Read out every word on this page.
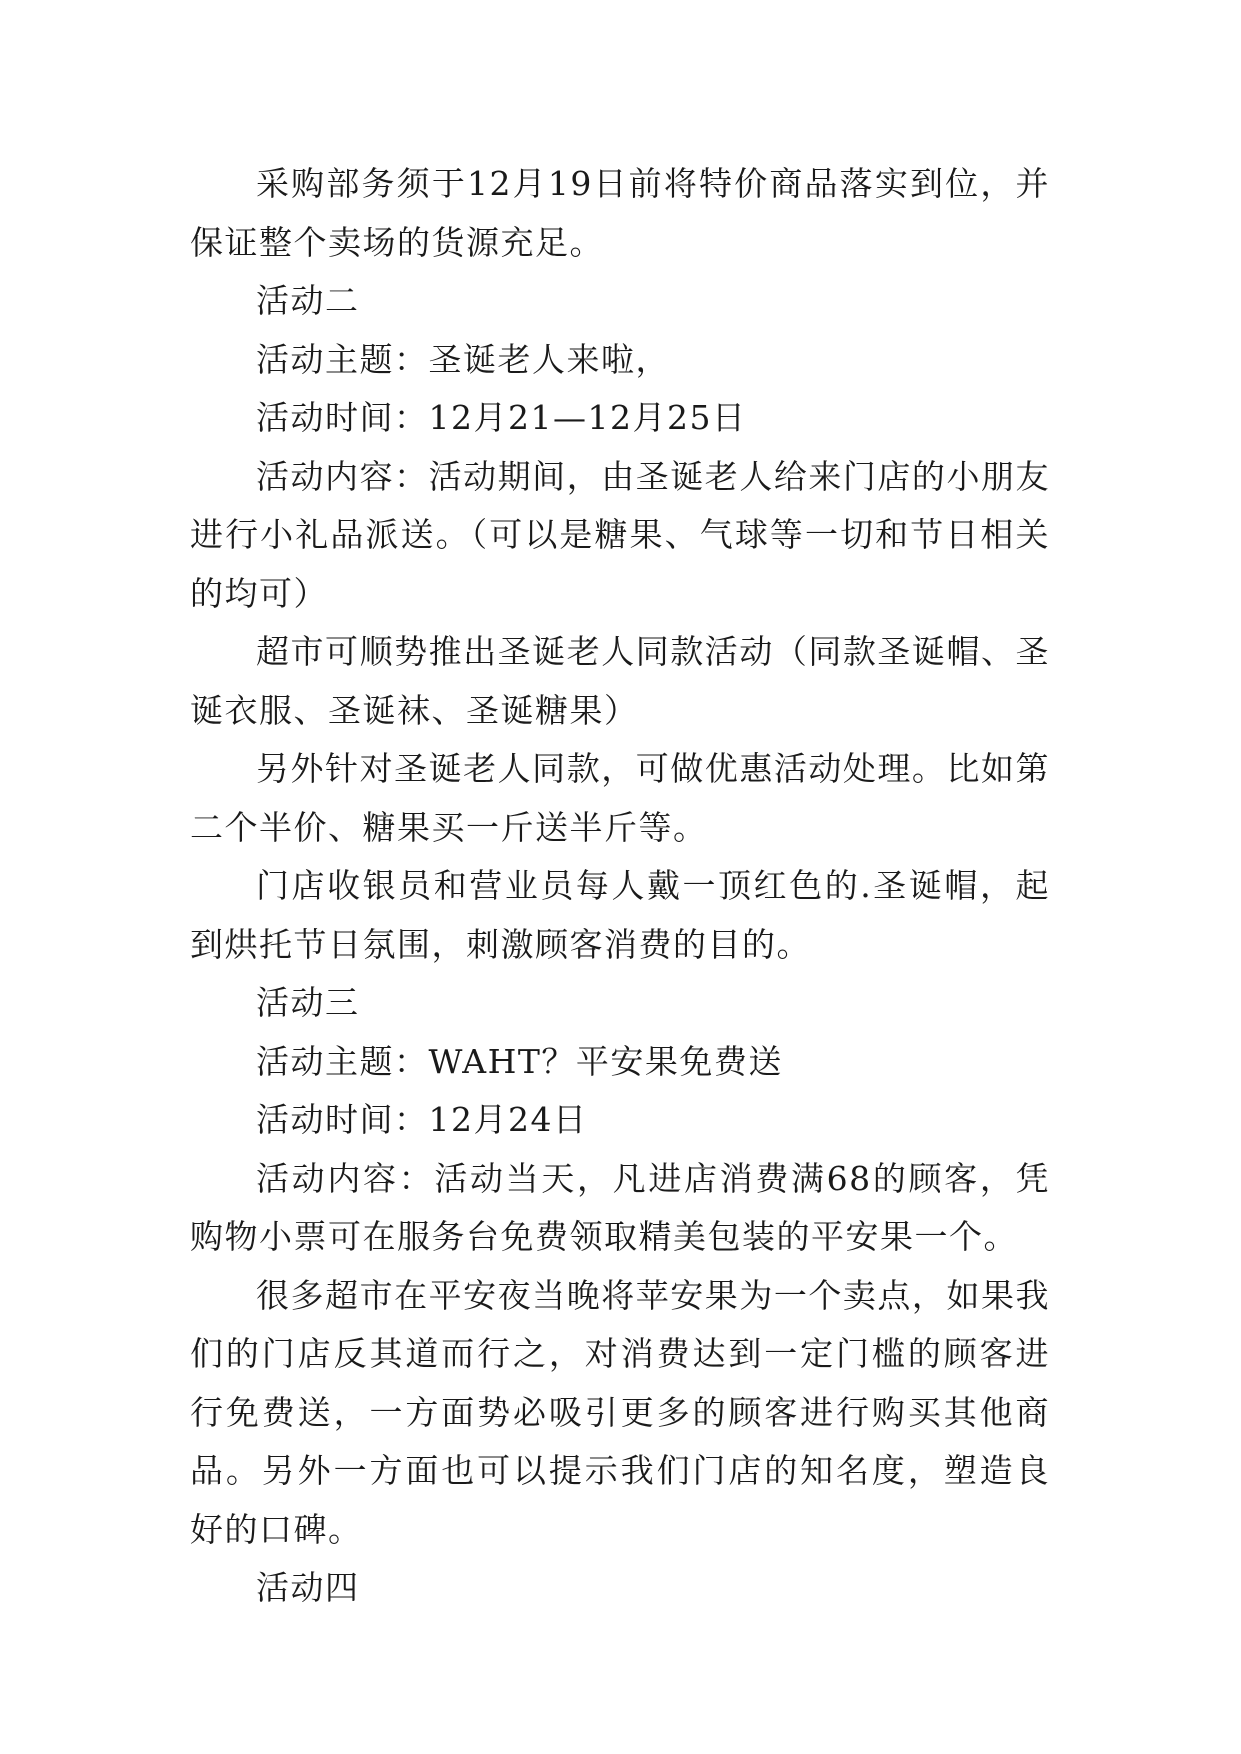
采购部务须于12月19日前将特价商品落实到位，并保证整个卖场的货源充足。

活动二

活动主题：圣诞老人来啦，

活动时间：12月21—12月25日

活动内容：活动期间，由圣诞老人给来门店的小朋友进行小礼品派送。（可以是糖果、气球等一切和节日相关的均可）

超市可顺势推出圣诞老人同款活动（同款圣诞帽、圣诞衣服、圣诞袜、圣诞糖果）

另外针对圣诞老人同款，可做优惠活动处理。比如第二个半价、糖果买一斤送半斤等。

门店收银员和营业员每人戴一顶红色的.圣诞帽，起到烘托节日氛围，刺激顾客消费的目的。

活动三

活动主题：WAHT？平安果免费送

活动时间：12月24日

活动内容：活动当天，凡进店消费满68的顾客，凭购物小票可在服务台免费领取精美包装的平安果一个。

很多超市在平安夜当晚将苹安果为一个卖点，如果我们的门店反其道而行之，对消费达到一定门槛的顾客进行免费送，一方面势必吸引更多的顾客进行购买其他商品。另外一方面也可以提示我们门店的知名度，塑造良好的口碑。

活动四
